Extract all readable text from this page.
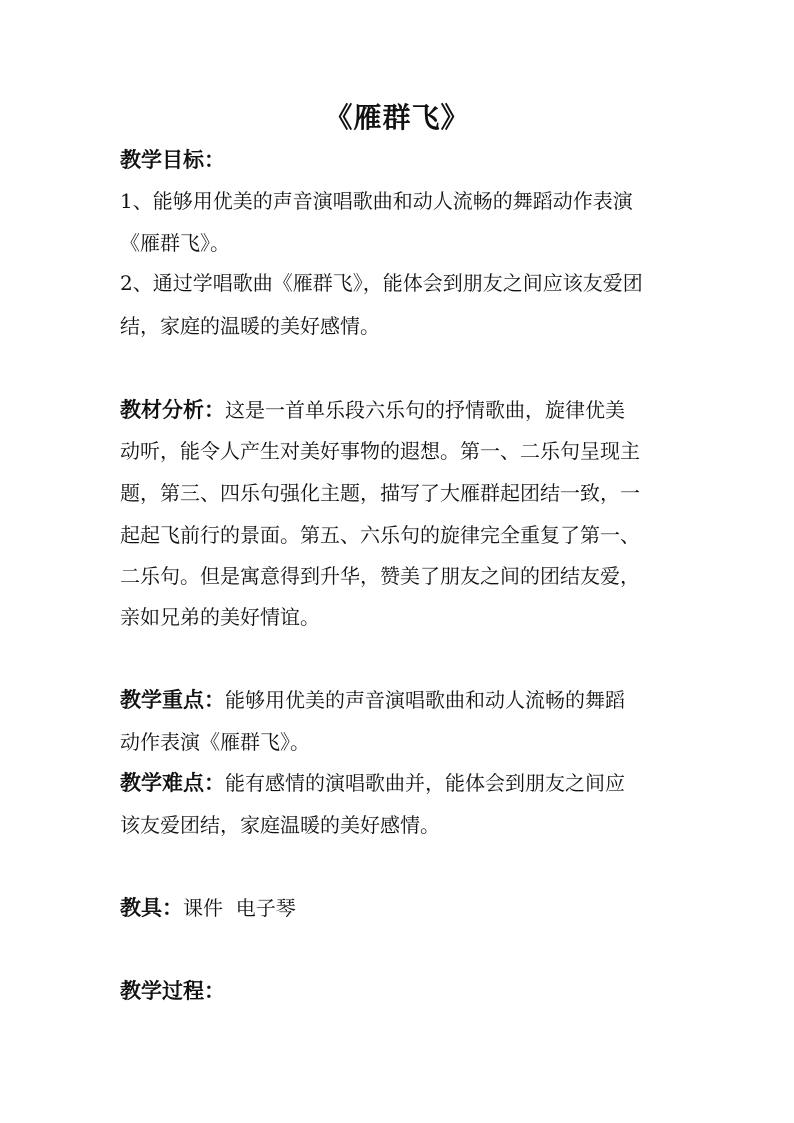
《雁群飞》
教学目标：
1、能够用优美的声音演唱歌曲和动人流畅的舞蹈动作表演
《雁群飞》。
2、通过学唱歌曲《雁群飞》，能体会到朋友之间应该友爱团
结，家庭的温暖的美好感情。
教材分析：这是一首单乐段六乐句的抒情歌曲，旋律优美
动听，能令人产生对美好事物的遐想。第一、二乐句呈现主
题，第三、四乐句强化主题，描写了大雁群起团结一致，一
起起飞前行的景面。第五、六乐句的旋律完全重复了第一、
二乐句。但是寓意得到升华，赞美了朋友之间的团结友爱，
亲如兄弟的美好情谊。
教学重点：能够用优美的声音演唱歌曲和动人流畅的舞蹈
动作表演《雁群飞》。
教学难点：能有感情的演唱歌曲并，能体会到朋友之间应
该友爱团结，家庭温暖的美好感情。
教具：课件  电子琴
教学过程：
